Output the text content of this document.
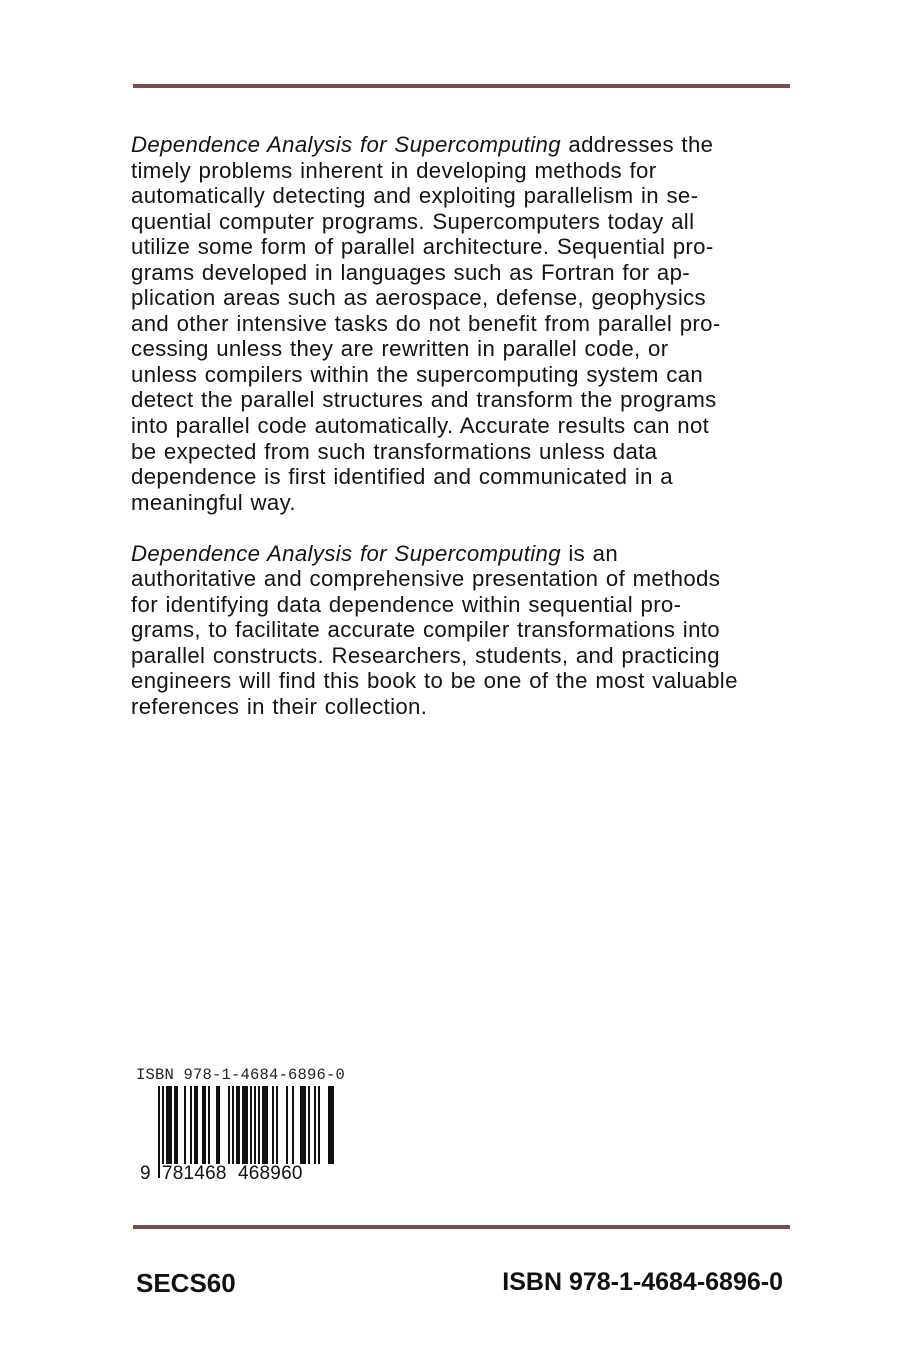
Dependence Analysis for Supercomputing addresses the
timely problems inherent in developing methods for
automatically detecting and exploiting parallelism in se-
quential computer programs. Supercomputers today all
utilize some form of parallel architecture. Sequential pro-
grams developed in languages such as Fortran for ap-
plication areas such as aerospace, defense, geophysics
and other intensive tasks do not benefit from parallel pro-
cessing unless they are rewritten in parallel code, or
unless compilers within the supercomputing system can
detect the parallel structures and transform the programs
into parallel code automatically. Accurate results can not
be expected from such transformations unless data
dependence is first identified and communicated in a
meaningful way.

Dependence Analysis for Supercomputing is an
authoritative and comprehensive presentation of methods
for identifying data dependence within sequential pro-
grams, to facilitate accurate compiler transformations into
parallel constructs. Researchers, students, and practicing
engineers will find this book to be one of the most valuable
references in their collection.

ISBN 978-1-4684-6896-0
9 781468 468960
SECS60	ISBN 978-1-4684-6896-0
